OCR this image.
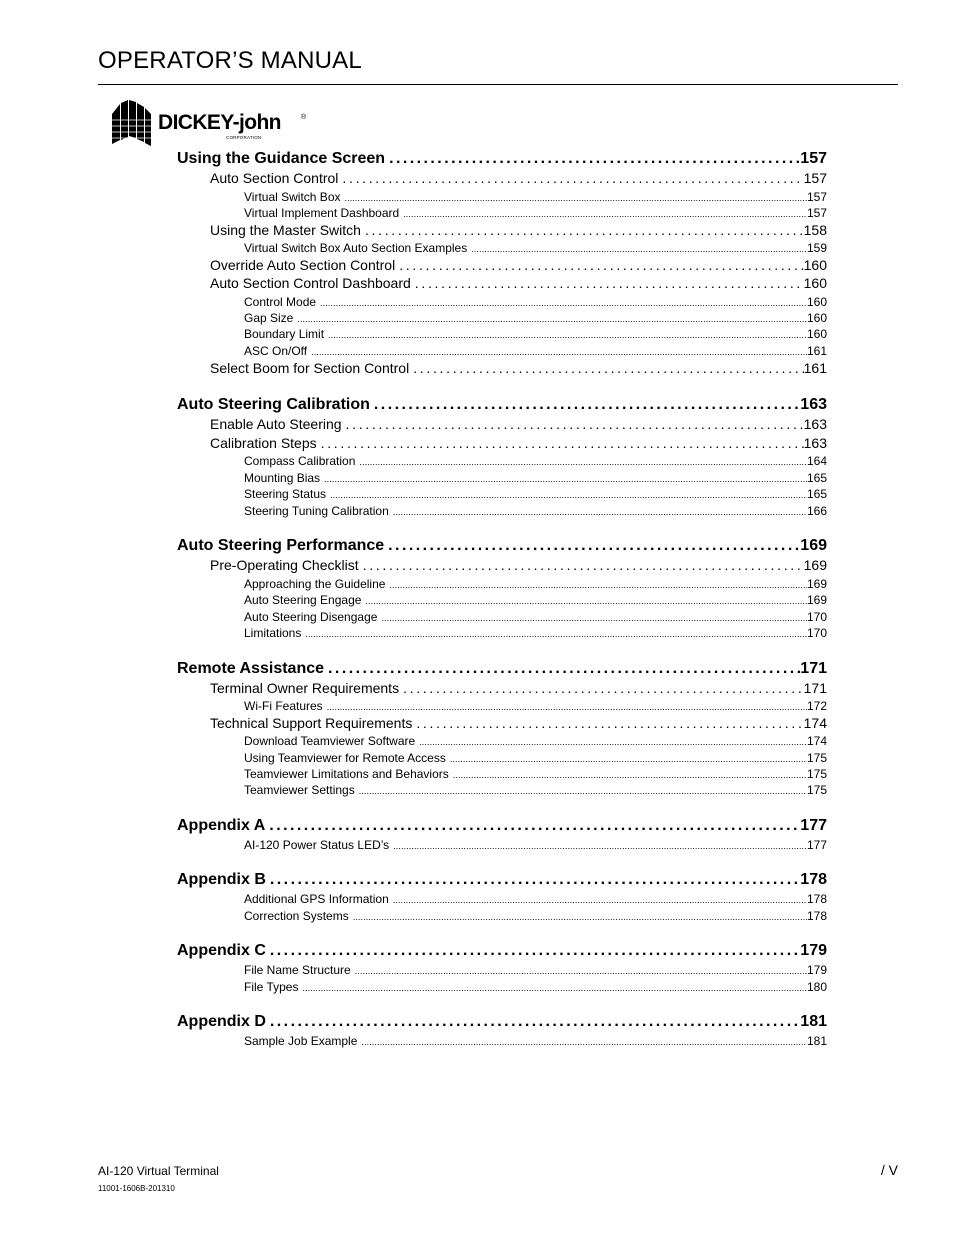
OPERATOR’S MANUAL
DICKEY-john	®
CORPORATION
Using the Guidance Screen . . .	157
Auto Section Control . . .	157
Virtual Switch Box . . .	157
Virtual Implement Dashboard . . .	157
Using the Master Switch . . .	158
Virtual Switch Box Auto Section Examples . . .	159
Override Auto Section Control . . .	160
Auto Section Control Dashboard . . .	160
Control Mode . . .	160
Gap Size . . .	160
Boundary Limit . . .	160
ASC On/Off . . .	161
Select Boom for Section Control . . .	161
Auto Steering Calibration . . .	163
Enable Auto Steering . . .	163
Calibration Steps . . .	163
Compass Calibration . . .	164
Mounting Bias . . .	165
Steering Status . . .	165
Steering Tuning Calibration . . .	166
Auto Steering Performance . . .	169
Pre-Operating Checklist . . .	169
Approaching the Guideline . . .	169
Auto Steering Engage . . .	169
Auto Steering Disengage . . .	170
Limitations . . .	170
Remote Assistance . . .	171
Terminal Owner Requirements . . .	171
Wi-Fi Features . . .	172
Technical Support Requirements . . .	174
Download Teamviewer Software . . .	174
Using Teamviewer for Remote Access . . .	175
Teamviewer Limitations and Behaviors . . .	175
Teamviewer Settings . . .	175
Appendix A . . .	177
AI-120 Power Status LED’s . . .	177
Appendix B . . .	178
Additional GPS Information . . .	178
Correction Systems . . .	178
Appendix C . . .	179
File Name Structure . . .	179
File Types . . .	180
Appendix D . . .	181
Sample Job Example . . .	181
AI-120 Virtual Terminal
11001-1606B-201310
/ V
